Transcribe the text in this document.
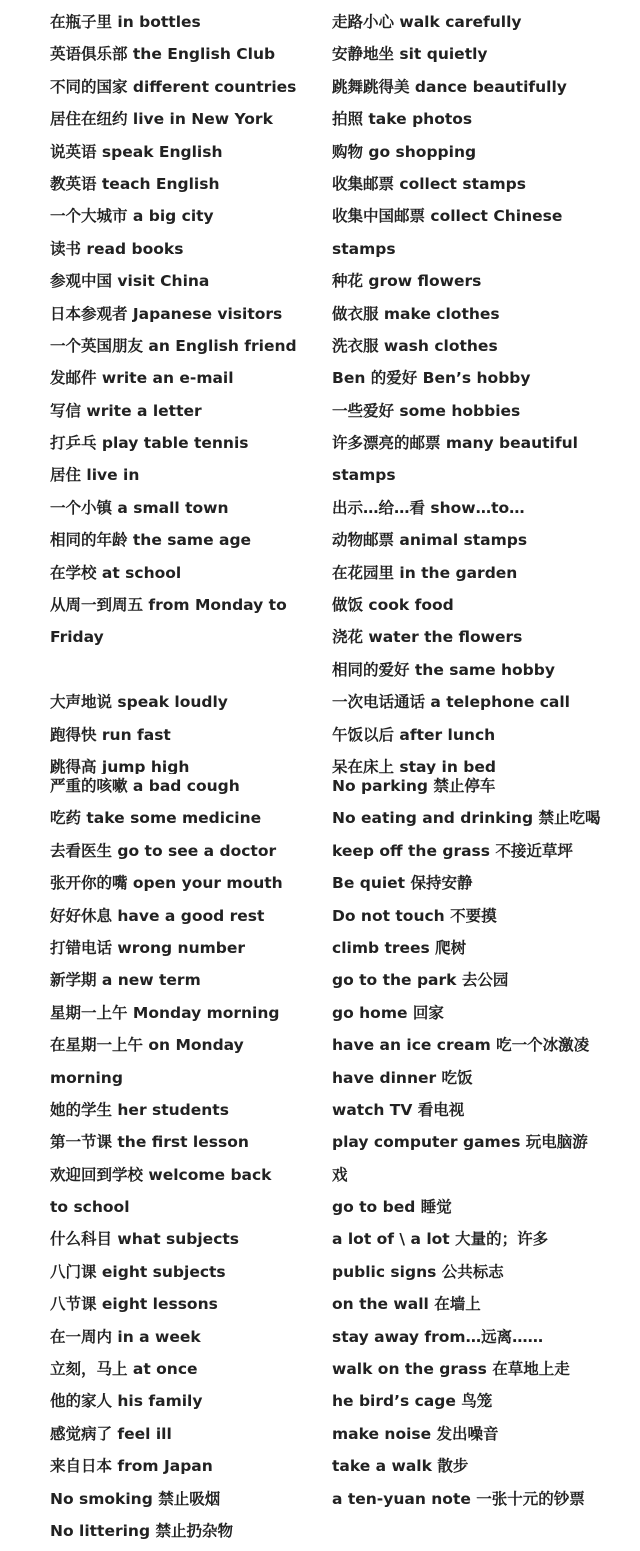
在瓶子里 in bottles
英语俱乐部 the English Club
不同的国家 different countries
居住在纽约 live in New York
说英语 speak English
教英语 teach English
一个大城市 a big city
读书 read books
参观中国 visit China
日本参观者 Japanese visitors
一个英国朋友 an English friend
发邮件 write an e-mail
写信 write a letter
打乒乓 play table tennis
居住 live in
一个小镇 a small town
相同的年龄 the same age
在学校 at school
从周一到周五 from Monday to
Friday
大声地说 speak loudly
跑得快 run fast
跳得高 jump high
严重的咳嗽 a bad cough
吃药 take some medicine
去看医生 go to see a doctor
张开你的嘴 open your mouth
好好休息 have a good rest
打错电话 wrong number
新学期 a new term
星期一上午 Monday morning
在星期一上午 on Monday
morning
她的学生 her students
第一节课 the first lesson
欢迎回到学校 welcome back
to school
什么科目 what subjects
八门课 eight subjects
八节课 eight lessons
在一周内 in a week
立刻，马上 at once
他的家人 his family
感觉病了 feel ill
来自日本 from Japan
No smoking 禁止吸烟
No littering 禁止扔杂物
走路小心 walk carefully
安静地坐 sit quietly
跳舞跳得美 dance beautifully
拍照 take photos
购物 go shopping
收集邮票 collect stamps
收集中国邮票 collect Chinese
stamps
种花 grow flowers
做衣服 make clothes
洗衣服 wash clothes
Ben 的爱好 Ben’s hobby
一些爱好 some hobbies
许多漂亮的邮票 many beautiful
stamps
出示…给…看 show…to…
动物邮票 animal stamps
在花园里 in the garden
做饭 cook food
浇花 water the flowers
相同的爱好 the same hobby
一次电话通话 a telephone call
午饭以后 after lunch
呆在床上 stay in bed
No parking 禁止停车
No eating and drinking 禁止吃喝
keep off the grass 不接近草坪
Be quiet 保持安静
Do not touch 不要摸
climb trees 爬树
go to the park 去公园
go home 回家
have an ice cream 吃一个冰激凌
have dinner 吃饭
watch TV 看电视
play computer games 玩电脑游
戏
go to bed 睡觉
a lot of \ a lot 大量的；许多
public signs 公共标志
on the wall 在墙上
stay away from…远离……
walk on the grass 在草地上走
he bird’s cage 鸟笼
make noise 发出噪音
take a walk 散步
a ten-yuan note 一张十元的钞票
